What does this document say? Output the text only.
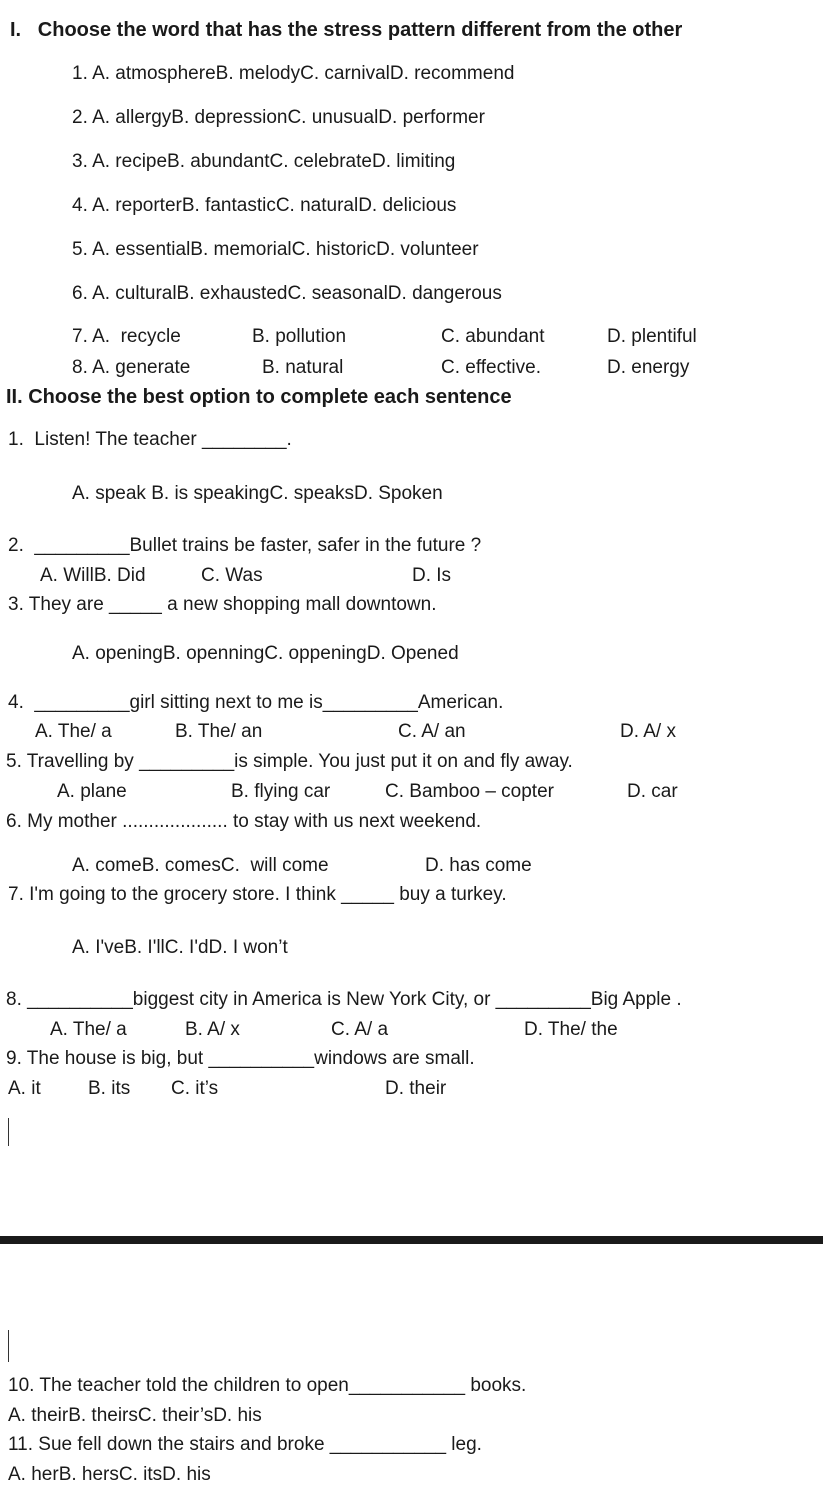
I.   Choose the word that has the stress pattern different from the other
1. A. atmosphereB. melodyC. carnivalD. recommend
2. A. allergyB. depressionC. unusualD. performer
3. A. recipeB. abundantC. celebrateD. limiting
4. A. reporterB. fantasticC. naturalD. delicious
5. A. essentialB. memorialC. historicD. volunteer
6. A. culturalB. exhaustedC. seasonalD. dangerous
7. A.  recycle	B. pollution	C. abundant	D. plentiful
8. A. generate	B. natural	C. effective.	D. energy
II. Choose the best option to complete each sentence
1.  Listen! The teacher ________.
A. speak B. is speakingC. speaksD. Spoken
2.  _________Bullet trains be faster, safer in the future ?
A. WillB. Did	C. Was	D. Is
3. They are _____ a new shopping mall downtown.
A. openingB. openningC. oppeningD. Opened
4.  _________girl sitting next to me is_________American.
A. The/ a	B. The/ an	C. A/ an	D. A/ x
5. Travelling by _________is simple. You just put it on and fly away.
A. plane	B. flying car	C. Bamboo – copter	D. car
6. My mother .................... to stay with us next weekend.
A. comeB. comesC.  will come	D. has come
7. I'm going to the grocery store. I think _____ buy a turkey.
A. I'veB. I'llC. I'dD. I won’t
8. __________biggest city in America is New York City, or _________Big Apple .
A. The/ a	B. A/ x	C. A/ a	D. The/ the
9. The house is big, but __________windows are small.
A. it B. its C. it’s	D. their
10. The teacher told the children to open___________ books.
A. theirB. theirsC. their’sD. his
11. Sue fell down the stairs and broke ___________ leg.
A. herB. hersC. itsD. his
